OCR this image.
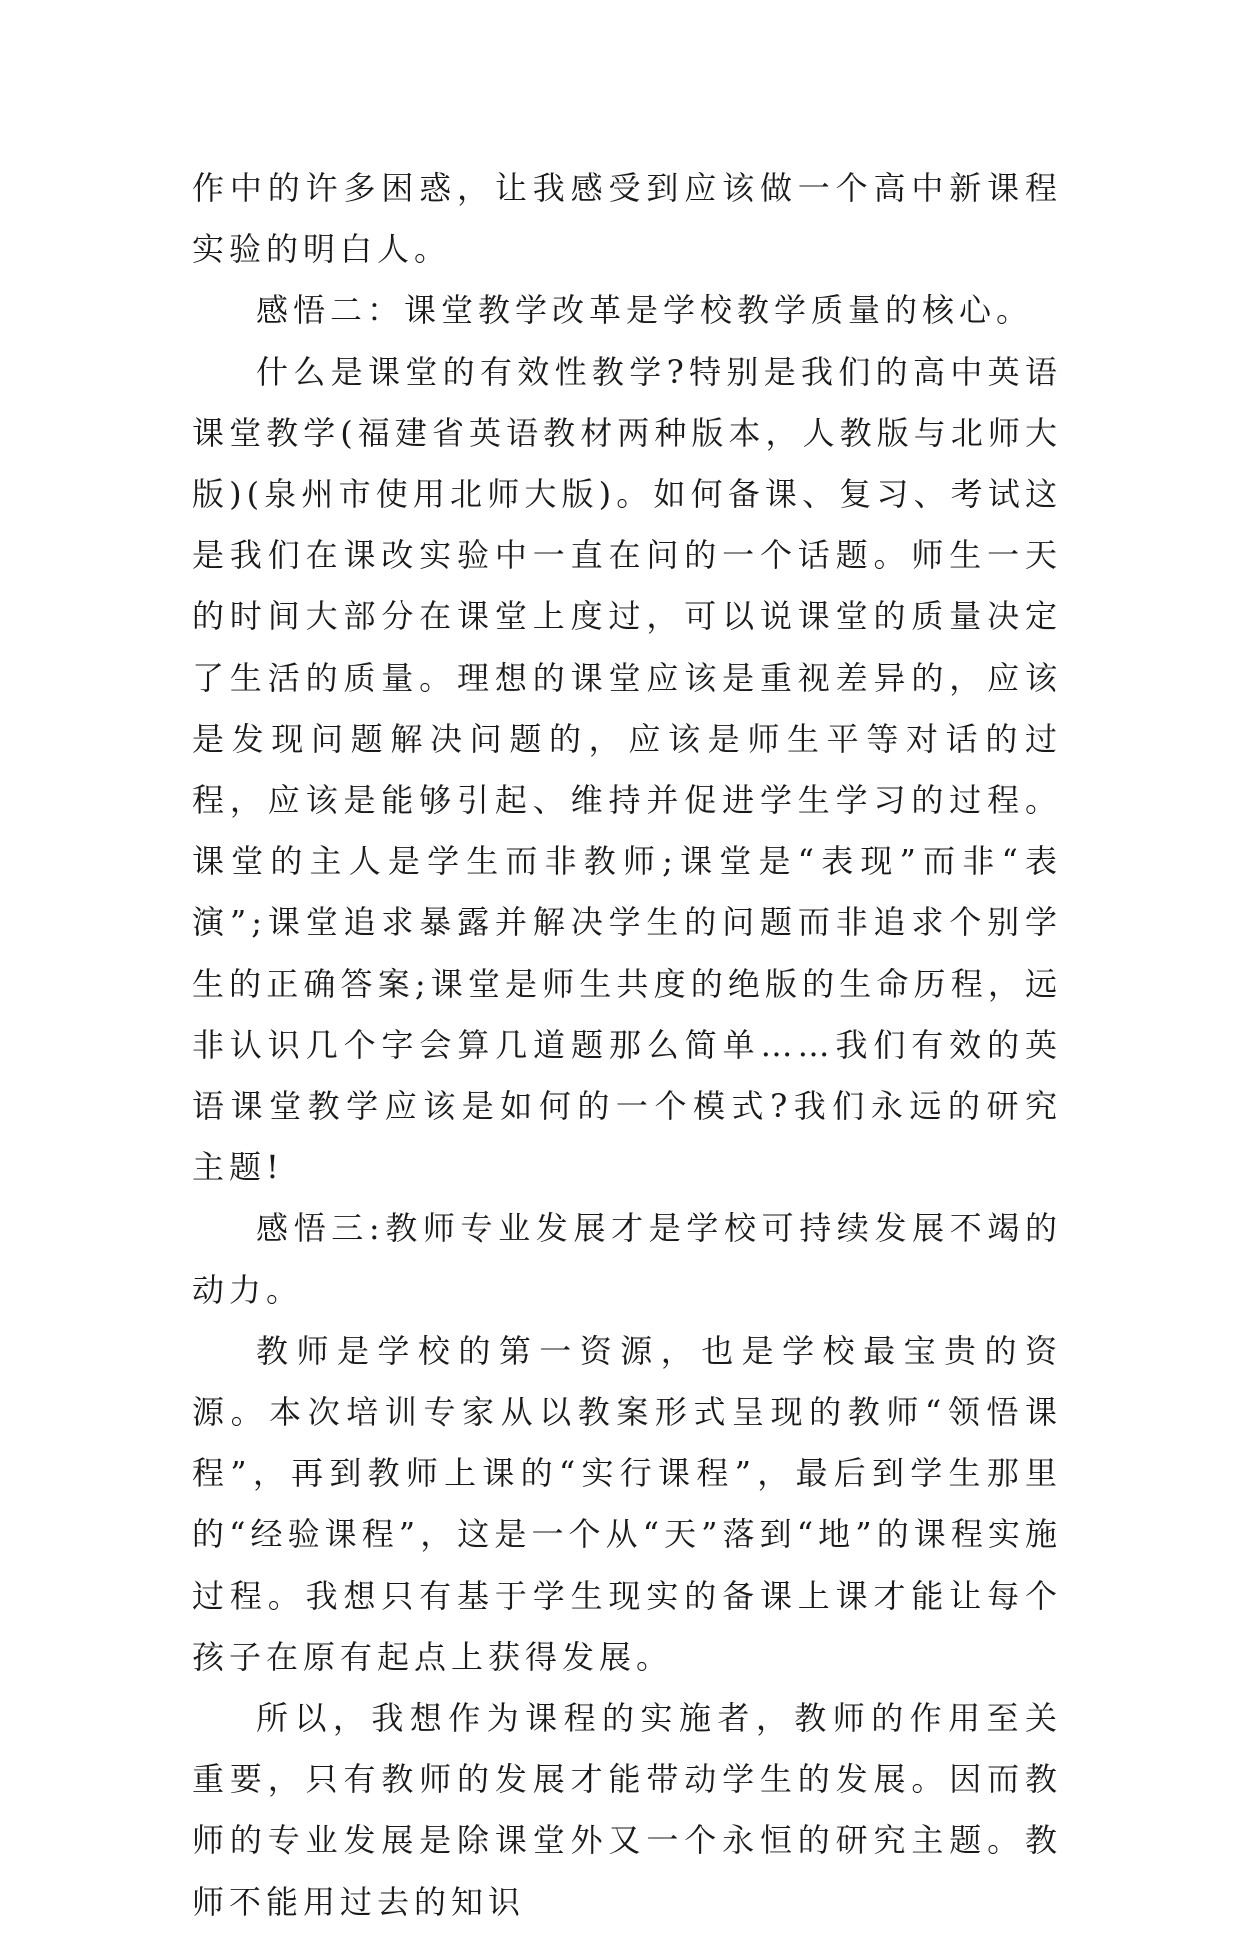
作中的许多困惑，让我感受到应该做一个高中新课程实验的明白人。

感悟二：课堂教学改革是学校教学质量的核心。

什么是课堂的有效性教学?特别是我们的高中英语课堂教学(福建省英语教材两种版本，人教版与北师大版)(泉州市使用北师大版)。如何备课、复习、考试这是我们在课改实验中一直在问的一个话题。师生一天的时间大部分在课堂上度过，可以说课堂的质量决定了生活的质量。理想的课堂应该是重视差异的，应该是发现问题解决问题的，应该是师生平等对话的过程，应该是能够引起、维持并促进学生学习的过程。课堂的主人是学生而非教师;课堂是“表现”而非“表演”;课堂追求暴露并解决学生的问题而非追求个别学生的正确答案;课堂是师生共度的绝版的生命历程，远非认识几个字会算几道题那么简单……我们有效的英语课堂教学应该是如何的一个模式?我们永远的研究主题!

感悟三:教师专业发展才是学校可持续发展不竭的动力。

教师是学校的第一资源，也是学校最宝贵的资源。本次培训专家从以教案形式呈现的教师“领悟课程”，再到教师上课的“实行课程”，最后到学生那里的“经验课程”，这是一个从“天”落到“地”的课程实施过程。我想只有基于学生现实的备课上课才能让每个孩子在原有起点上获得发展。

所以，我想作为课程的实施者，教师的作用至关重要，只有教师的发展才能带动学生的发展。因而教师的专业发展是除课堂外又一个永恒的研究主题。教师不能用过去的知识
